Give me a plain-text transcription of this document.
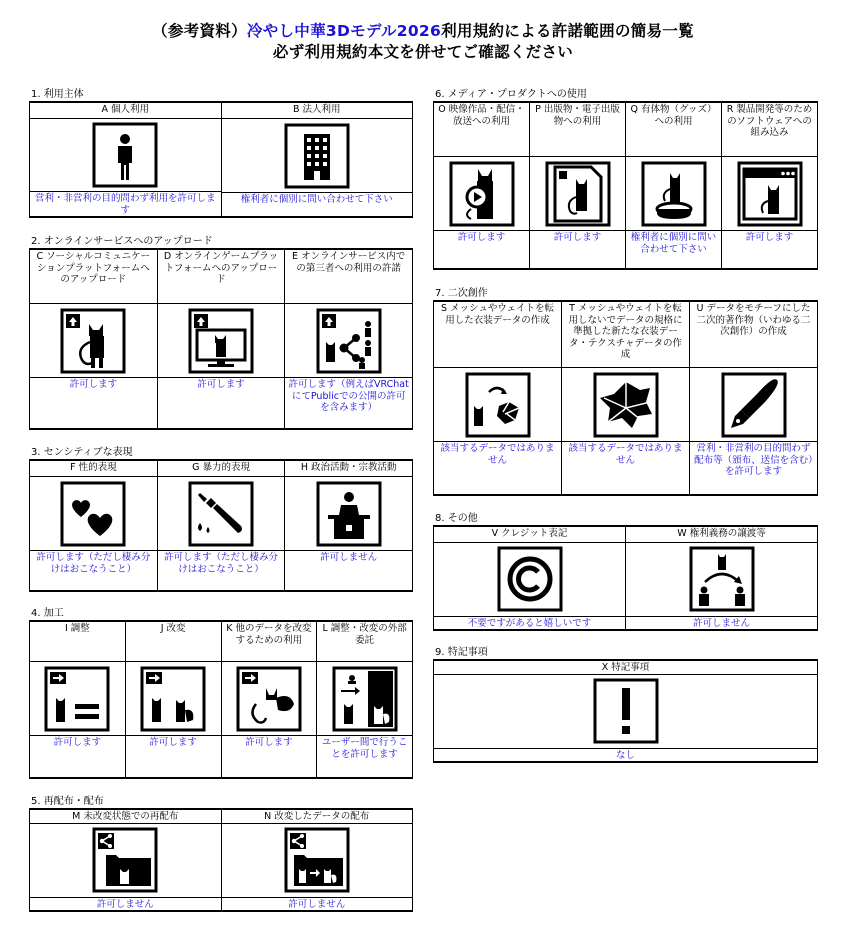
（参考資料）冷やし中華3Dモデル2026利用規約による許諾範囲の簡易一覧
必ず利用規約本文を併せてご確認ください
1. 利用主体
A 個人利用
営利・非営利の目的問わず利用を許可します
B 法人利用
権利者に個別に問い合わせて下さい
2. オンラインサービスへのアップロード
C ソーシャルコミュニケーションプラットフォームへのアップロード
許可します
D オンラインゲームプラットフォームへのアップロード
許可します
E オンラインサービス内での第三者への利用の許諾
許可します（例えばVRChatにてPublicでの公開の許可を含みます）
3. センシティブな表現
F 性的表現
許可します（ただし棲み分けはおこなうこと）
G 暴力的表現
許可します（ただし棲み分けはおこなうこと）
H 政治活動・宗教活動
許可しません
4. 加工
I 調整
許可します
J 改変
許可します
K 他のデータを改変するための利用
許可します
L 調整・改変の外部委託
ユーザー間で行うことを許可します
5. 再配布・配布
M 未改変状態での再配布
許可しません
N 改変したデータの配布
許可しません
6. メディア・プロダクトへの使用
O 映像作品・配信・放送への利用
許可します
P 出版物・電子出版物への利用
許可します
Q 有体物（グッズ）への利用
権利者に個別に問い合わせて下さい
R 製品開発等のためのソフトウェアへの組み込み
許可します
7. 二次創作
S メッシュやウェイトを転用した衣装データの作成
該当するデータではありません
T メッシュやウェイトを転用しないでデータの規格に準拠した新たな衣装データ・テクスチャデータの作成
該当するデータではありません
U データをモチーフにした二次的著作物（いわゆる二次創作）の作成
営利・非営利の目的問わず配布等（頒布、送信を含む）を許可します
8. その他
V クレジット表記
不要ですがあると嬉しいです
W 権利義務の譲渡等
許可しません
9. 特記事項
X 特記事項
なし
